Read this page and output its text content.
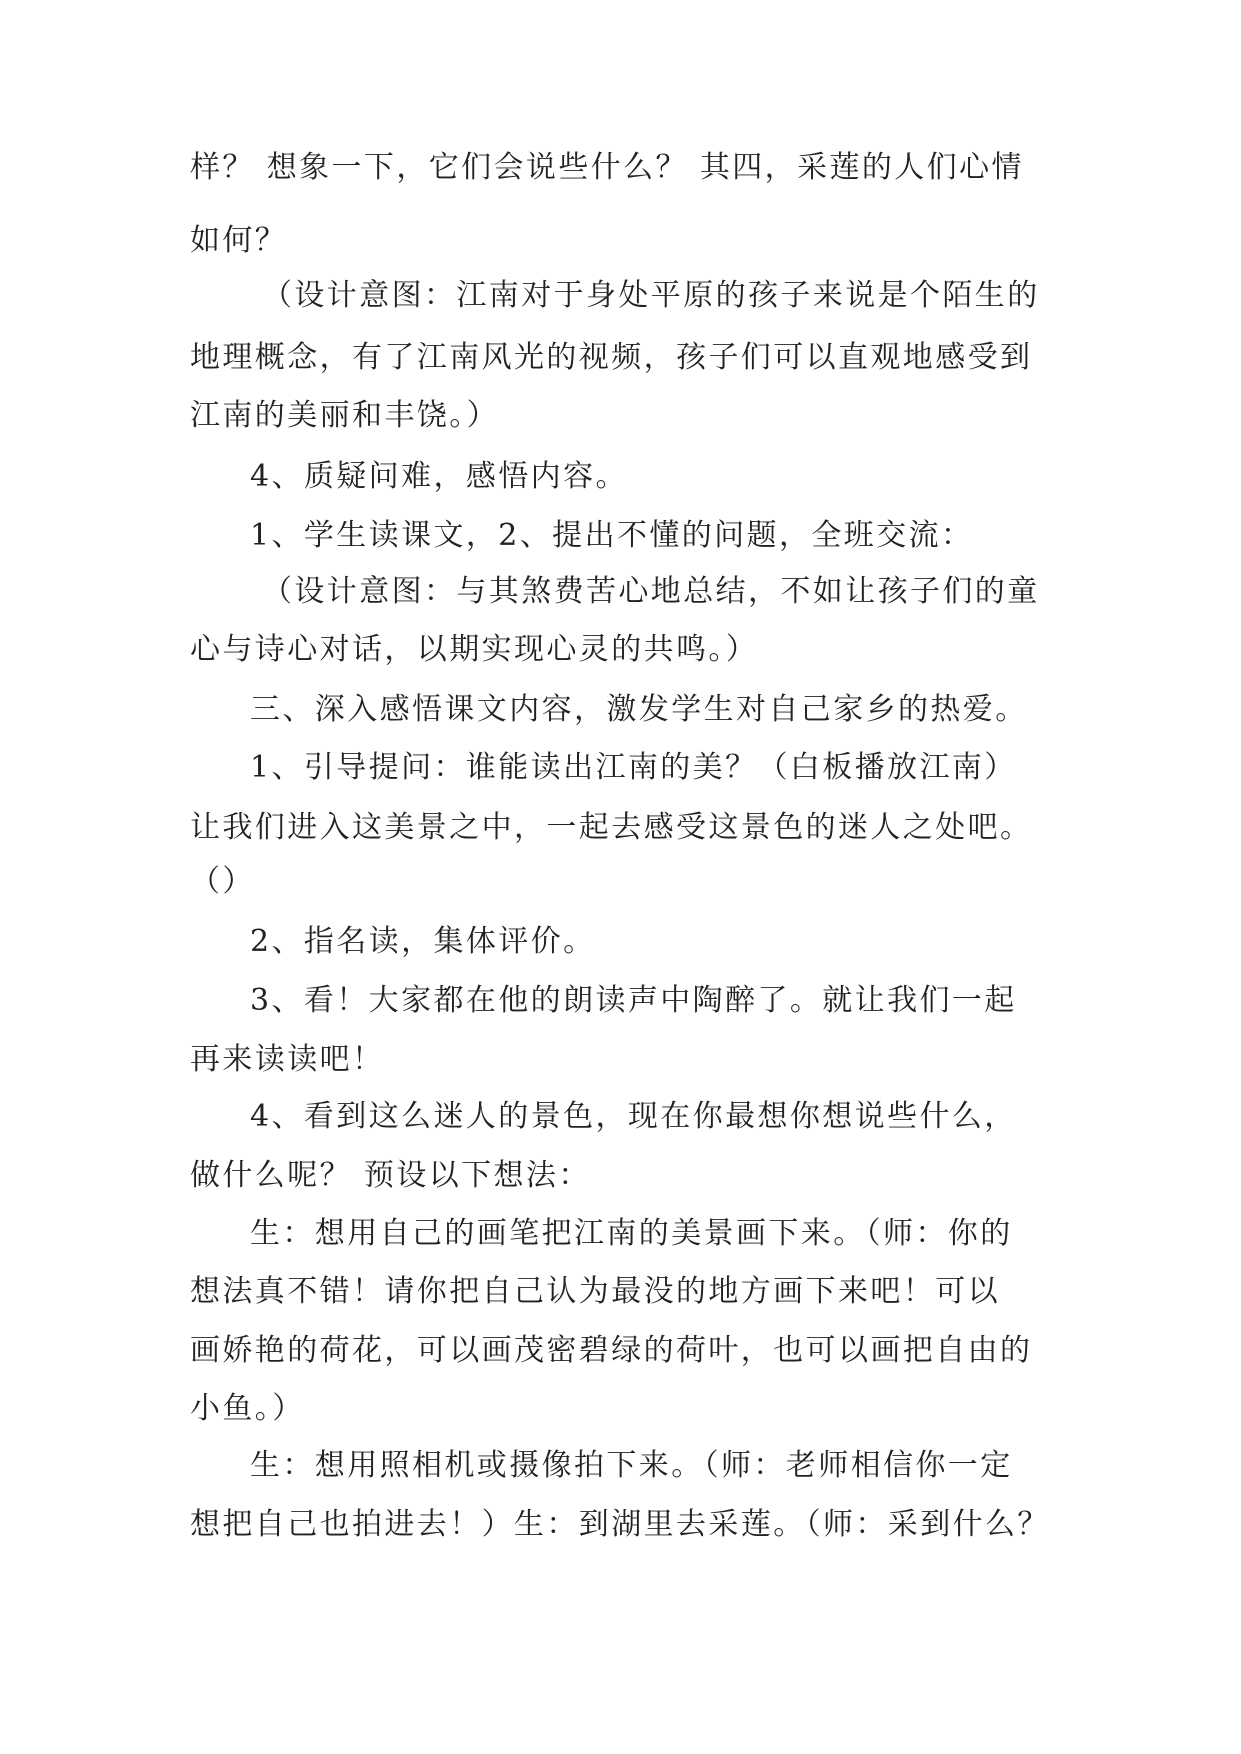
样？ 想象一下，它们会说些什么？ 其四，采莲的人们心情
如何？
（设计意图：江南对于身处平原的孩子来说是个陌生的
地理概念，有了江南风光的视频，孩子们可以直观地感受到
江南的美丽和丰饶。）
4、质疑问难，感悟内容。
1、学生读课文，2、提出不懂的问题，全班交流：
（设计意图：与其煞费苦心地总结，不如让孩子们的童
心与诗心对话，以期实现心灵的共鸣。）
三、深入感悟课文内容，激发学生对自己家乡的热爱。
1、引导提问：谁能读出江南的美？（白板播放江南）
让我们进入这美景之中，一起去感受这景色的迷人之处吧。
（）
2、指名读，集体评价。
3、看！大家都在他的朗读声中陶醉了。就让我们一起
再来读读吧！
4、看到这么迷人的景色，现在你最想你想说些什么，
做什么呢？ 预设以下想法：
生：想用自己的画笔把江南的美景画下来。（师：你的
想法真不错！请你把自己认为最没的地方画下来吧！可以
画娇艳的荷花，可以画茂密碧绿的荷叶，也可以画把自由的
小鱼。）
生：想用照相机或摄像拍下来。（师：老师相信你一定
想把自己也拍进去！）生：到湖里去采莲。（师：采到什么？
